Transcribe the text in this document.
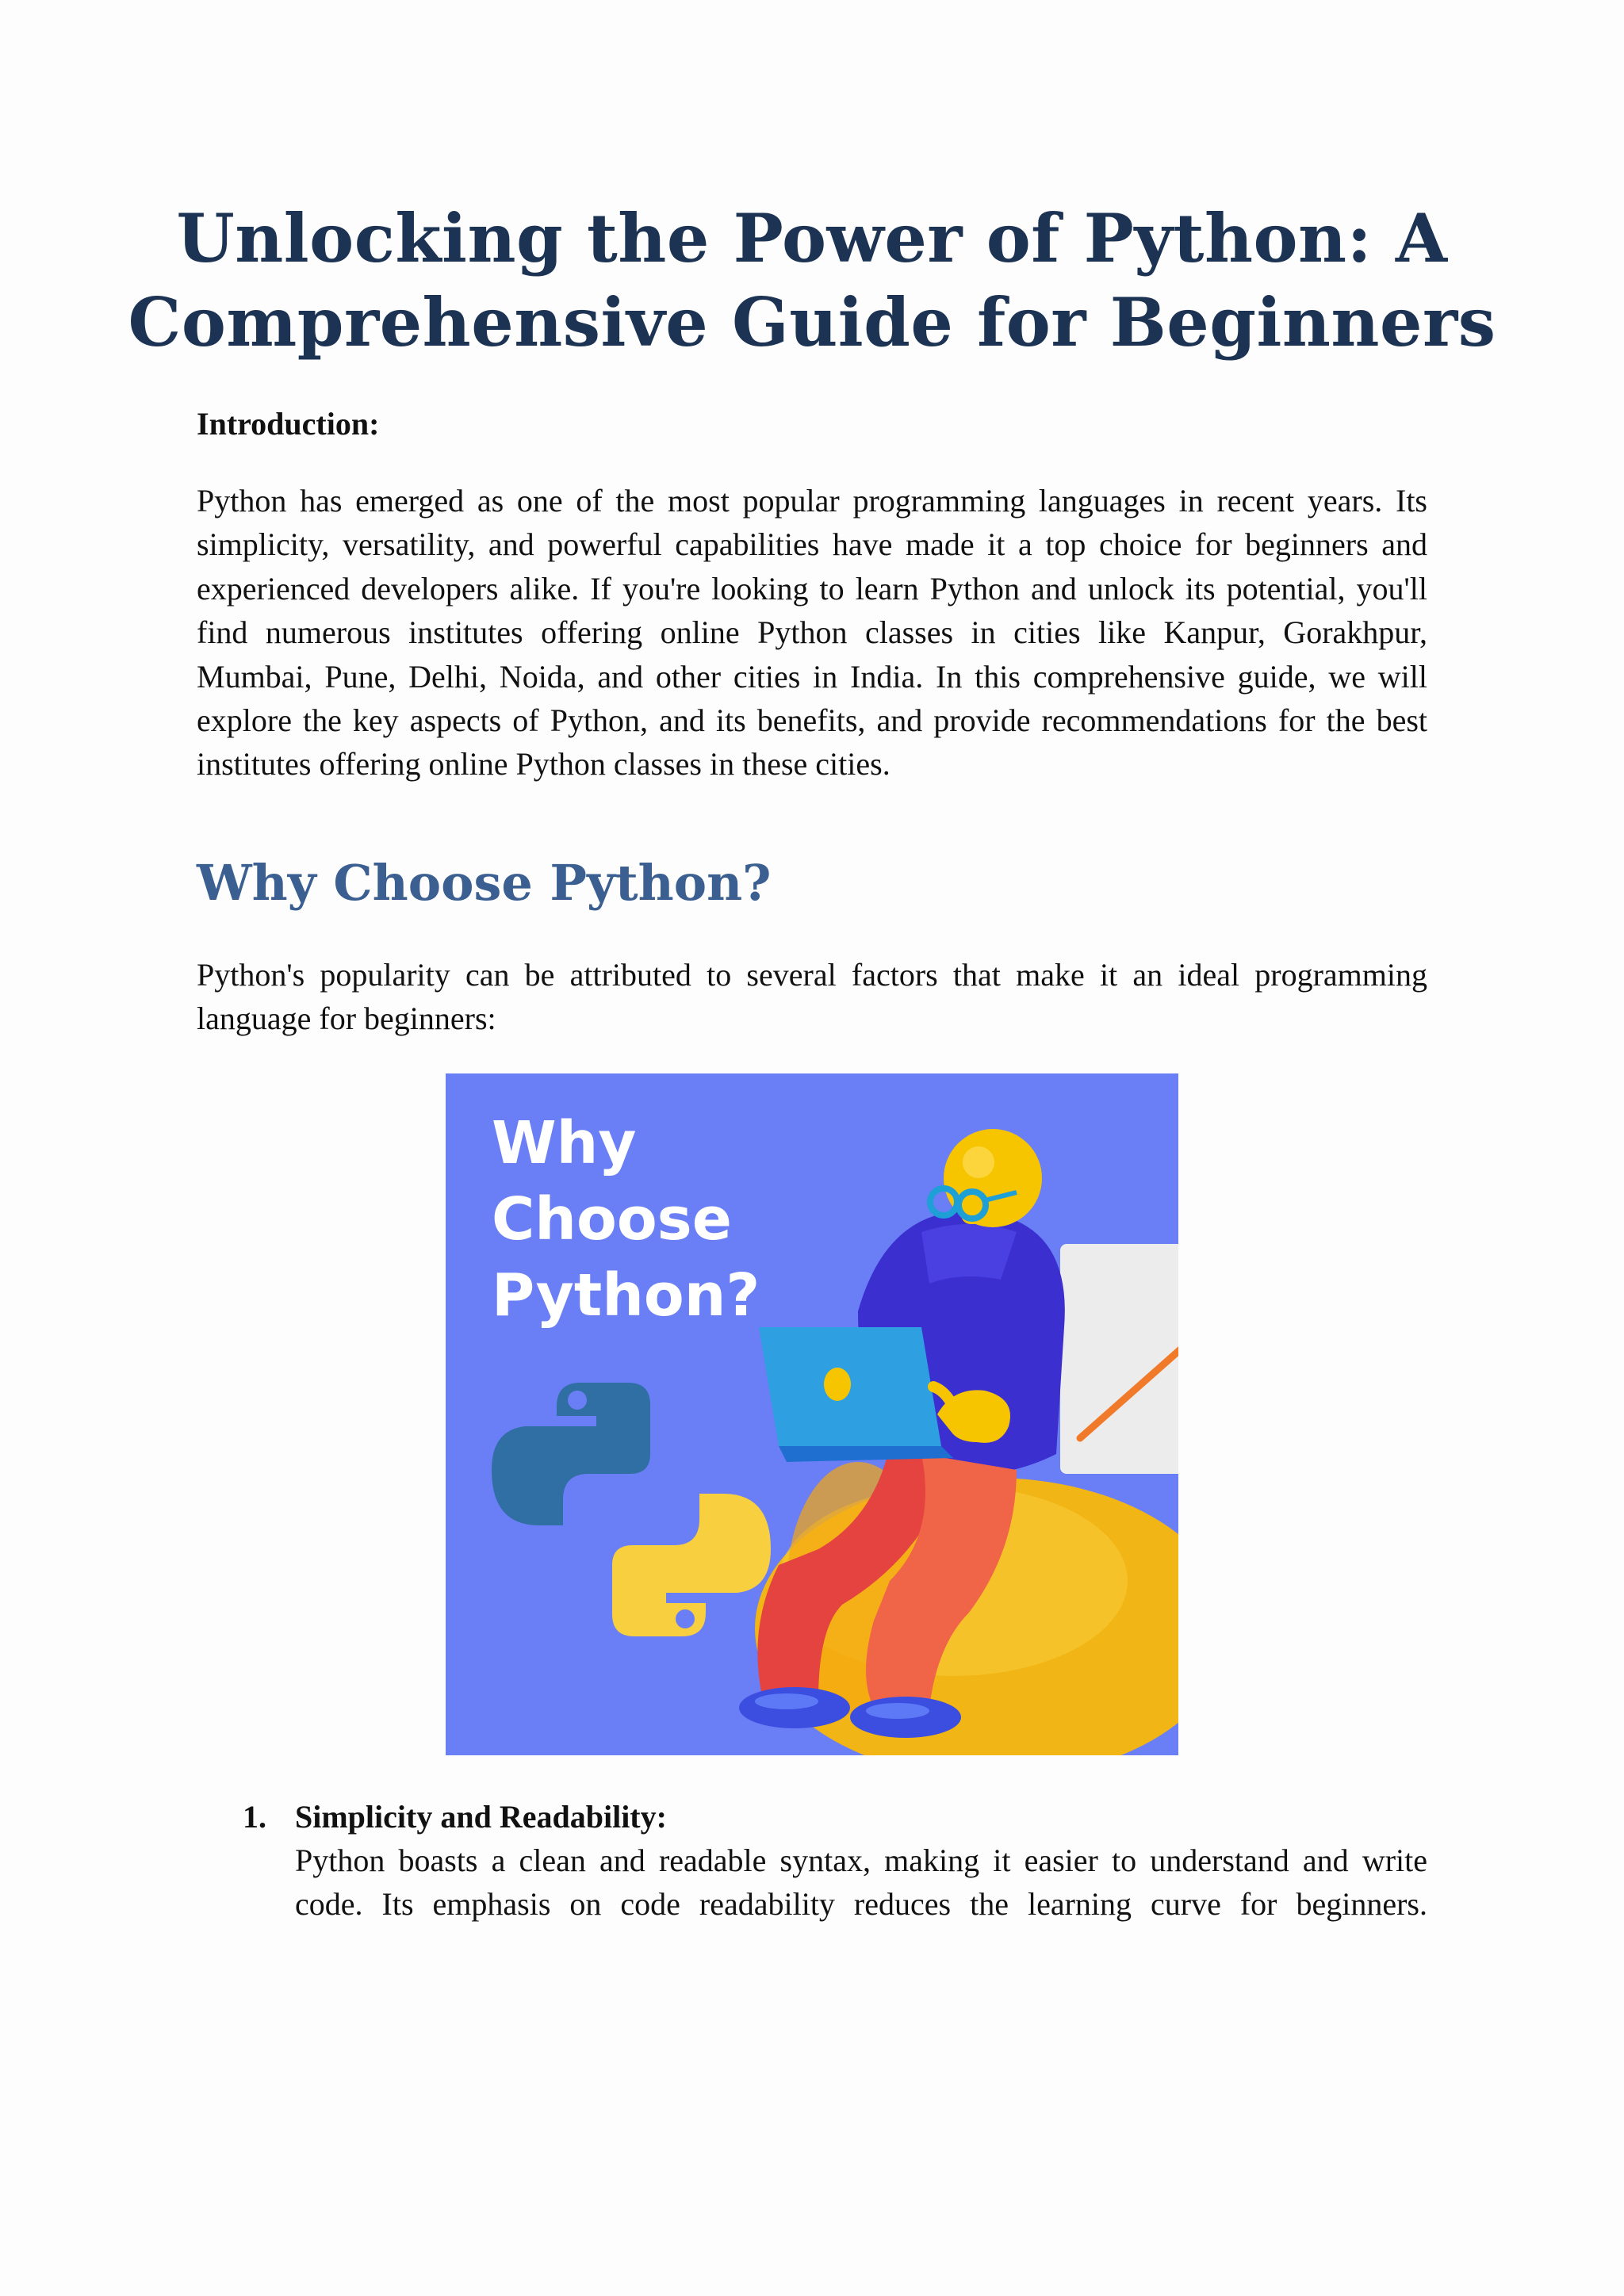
Unlocking the Power of Python: A Comprehensive Guide for Beginners

Introduction:

Python has emerged as one of the most popular programming languages in recent years. Its simplicity, versatility, and powerful capabilities have made it a top choice for beginners and experienced developers alike. If you're looking to learn Python and unlock its potential, you'll find numerous institutes offering online Python classes in cities like Kanpur, Gorakhpur, Mumbai, Pune, Delhi, Noida, and other cities in India. In this comprehensive guide, we will explore the key aspects of Python, and its benefits, and provide recommendations for the best institutes offering online Python classes in these cities.

Why Choose Python?

Python's popularity can be attributed to several factors that make it an ideal programming language for beginners:

Why
Choose
Python?
1. Simplicity and Readability:
Python boasts a clean and readable syntax, making it easier to understand and write code. Its emphasis on code readability reduces the learning curve for beginners.
